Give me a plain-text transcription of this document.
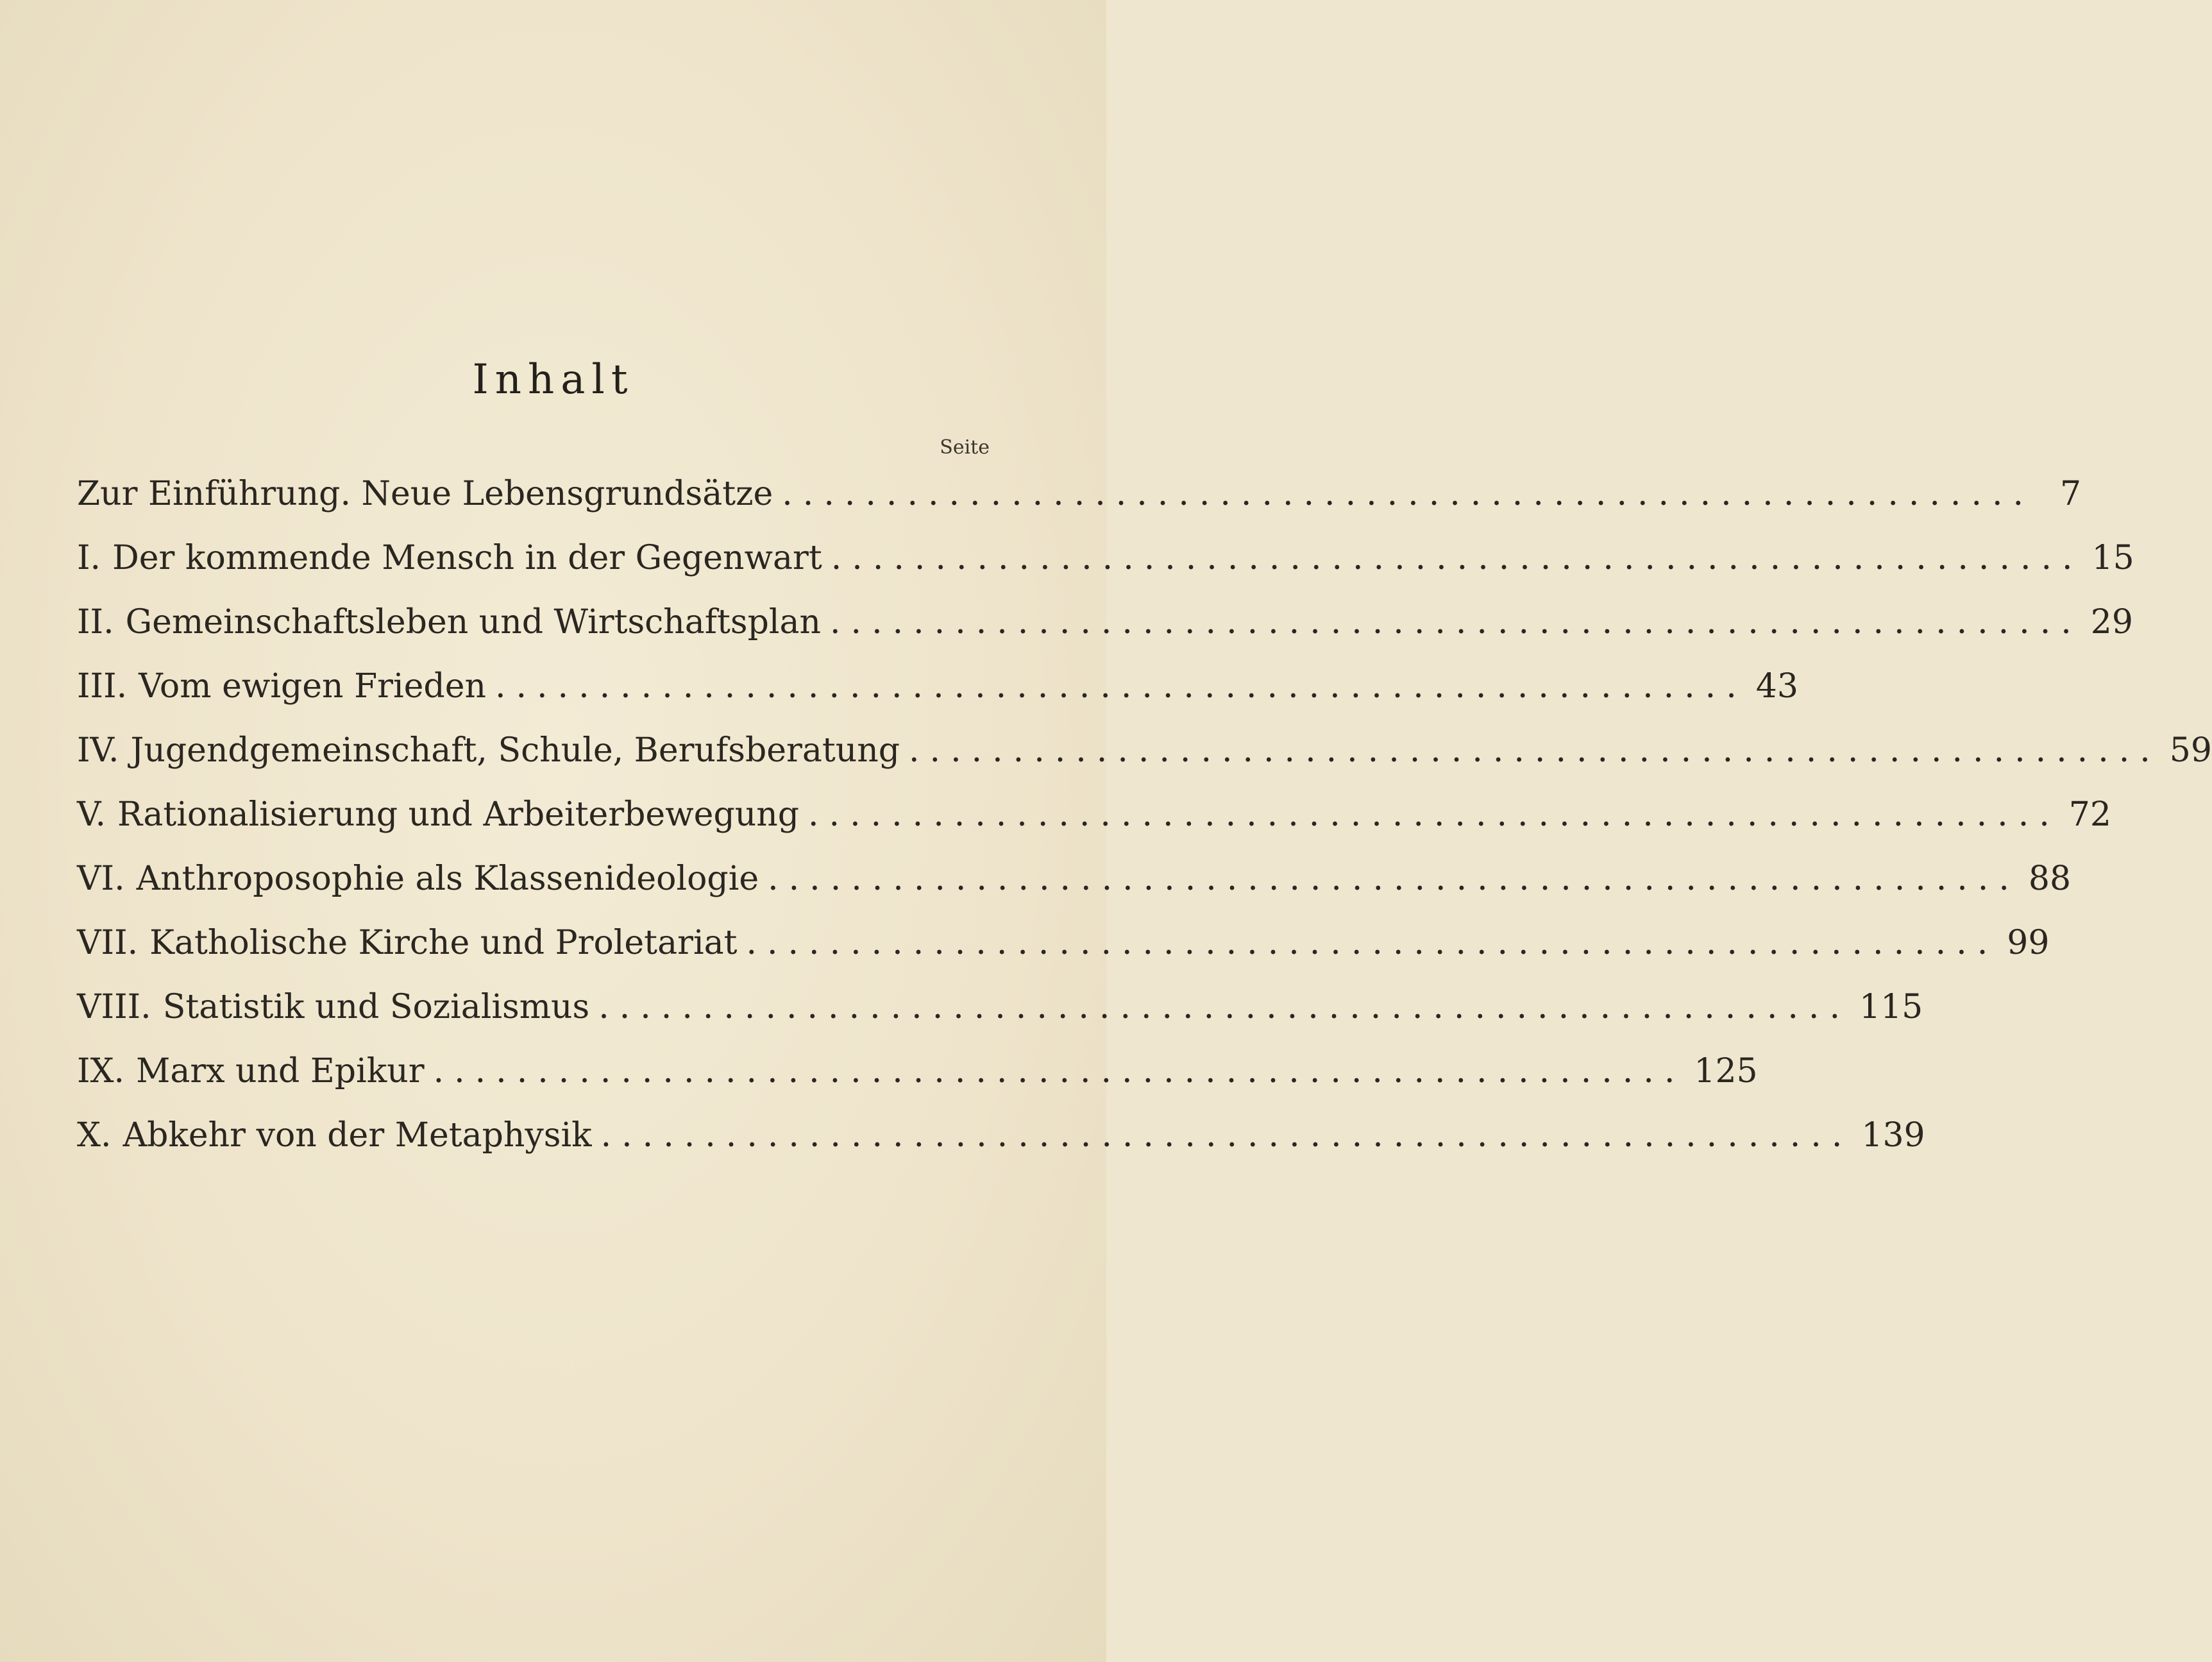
Inhalt
Seite
Zur Einführung. Neue Lebensgrundsätze ............................................................ 7
I. Der kommende Mensch in der Gegenwart ............................................................ 15
II. Gemeinschaftsleben und Wirtschaftsplan ............................................................ 29
III. Vom ewigen Frieden ............................................................ 43
IV. Jugendgemeinschaft, Schule, Berufsberatung ............................................................ 59
V. Rationalisierung und Arbeiterbewegung ............................................................ 72
VI. Anthroposophie als Klassenideologie ............................................................ 88
VII. Katholische Kirche und Proletariat ............................................................ 99
VIII. Statistik und Sozialismus ............................................................ 115
IX. Marx und Epikur ............................................................ 125
X. Abkehr von der Metaphysik ............................................................ 139
